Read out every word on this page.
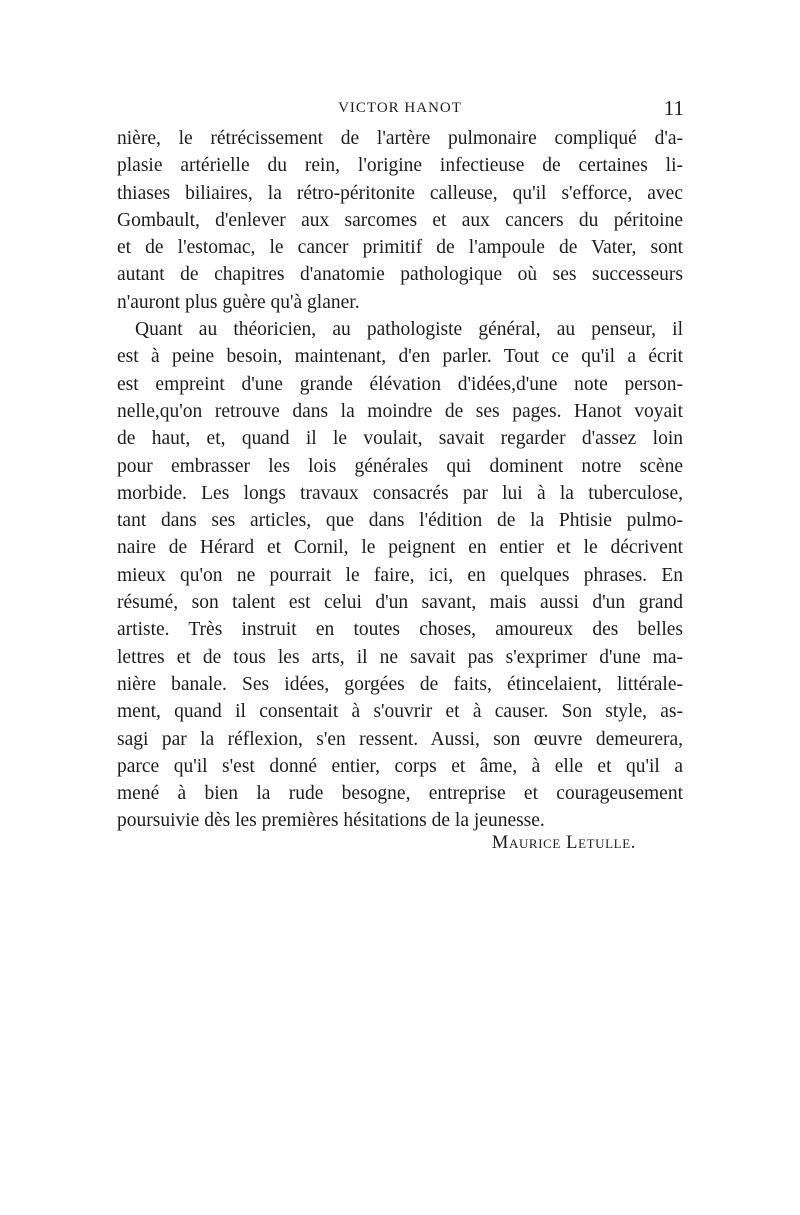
VICTOR HANOT	11
nière, le rétrécissement de l'artère pulmonaire compliqué d'a-
plasie artérielle du rein, l'origine infectieuse de certaines li-
thiases biliaires, la rétro-péritonite calleuse, qu'il s'efforce, avec
Gombault, d'enlever aux sarcomes et aux cancers du péritoine
et de l'estomac, le cancer primitif de l'ampoule de Vater, sont
autant de chapitres d'anatomie pathologique où ses successeurs
n'auront plus guère qu'à glaner.
Quant au théoricien, au pathologiste général, au penseur, il
est à peine besoin, maintenant, d'en parler. Tout ce qu'il a écrit
est empreint d'une grande élévation d'idées,d'une note person-
nelle,qu'on retrouve dans la moindre de ses pages. Hanot voyait
de haut, et, quand il le voulait, savait regarder d'assez loin
pour embrasser les lois générales qui dominent notre scène
morbide. Les longs travaux consacrés par lui à la tuberculose,
tant dans ses articles, que dans l'édition de la Phtisie pulmo-
naire de Hérard et Cornil, le peignent en entier et le décrivent
mieux qu'on ne pourrait le faire, ici, en quelques phrases. En
résumé, son talent est celui d'un savant, mais aussi d'un grand
artiste. Très instruit en toutes choses, amoureux des belles
lettres et de tous les arts, il ne savait pas s'exprimer d'une ma-
nière banale. Ses idées, gorgées de faits, étincelaient, littérale-
ment, quand il consentait à s'ouvrir et à causer. Son style, as-
sagi par la réflexion, s'en ressent. Aussi, son œuvre demeurera,
parce qu'il s'est donné entier, corps et âme, à elle et qu'il a
mené à bien la rude besogne, entreprise et courageusement
poursuivie dès les premières hésitations de la jeunesse.
Maurice Letulle.
